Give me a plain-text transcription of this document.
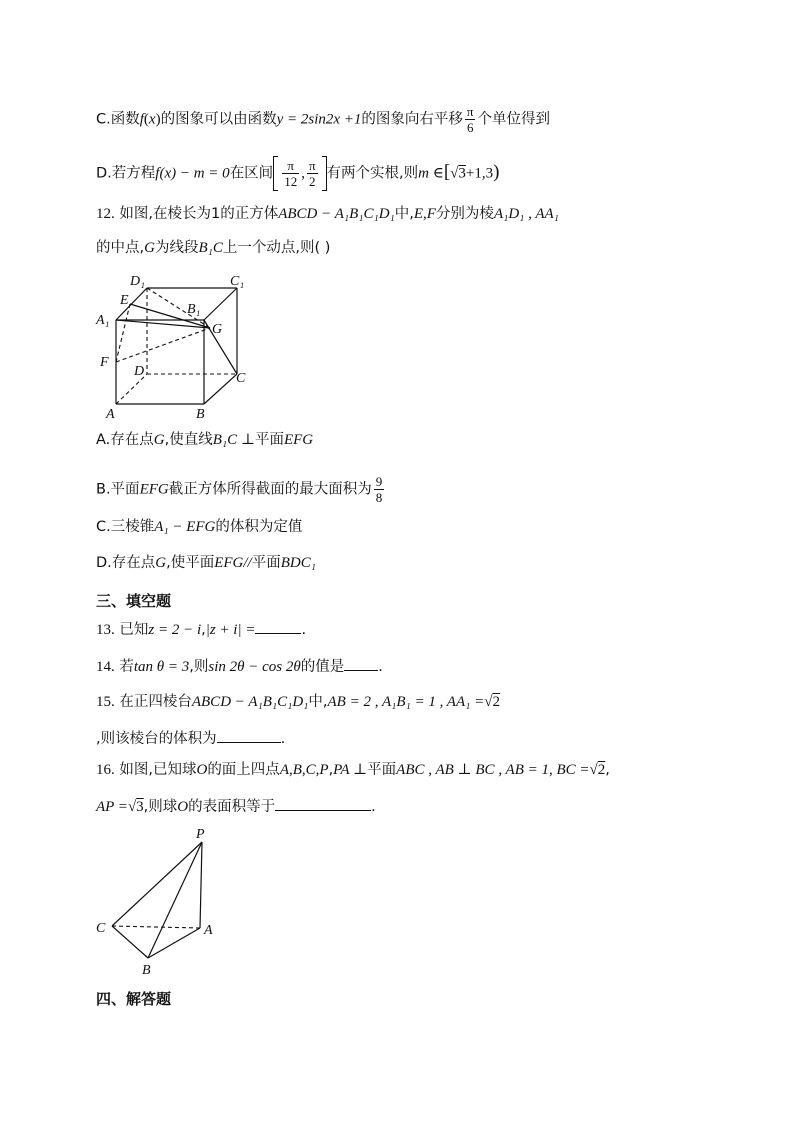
C.函数f(x)的图象可以由函数y = 2sin2x +1的图象向右平移 $\frac{\pi}{6}$ 个单位得到
D.若方程f(x) − m = 0在区间 $\frac{\pi}{12}$ , $\frac{\pi}{2}$ 有两个实根,则m ∈[√3+1,3)
12. 如图,在棱长为1的正方体ABCD − A₁B₁C₁D₁中,E,F分别为棱A₁D₁ , AA₁
的中点,G为线段B₁C上一个动点,则( )
D₁	C₁
E
B₁
A₁
G
F
D	C
A	B
A.存在点G,使直线B₁C ⊥平面EFG
B.平面EFG截正方体所得截面的最大面积为 $\frac{9}{8}$
C.三棱锥A₁ − EFG的体积为定值
D.存在点G,使平面EFG//平面BDC₁
三、填空题
13. 已知z = 2 − i,|z + i| =	.
14. 若tan θ = 3,则sin 2θ − cos 2θ的值是 .
15. 在正四棱台ABCD − A₁B₁C₁D₁中,AB = 2 , A₁B₁ = 1 , AA₁ =√2
,则该棱台的体积为	.
16. 如图,已知球O的面上四点A,B,C,P,PA ⊥平面ABC , AB ⊥ BC , AB = 1, BC =√2,
AP =√3,则球O的表面积等于	.
P
C	A
B
四、解答题
